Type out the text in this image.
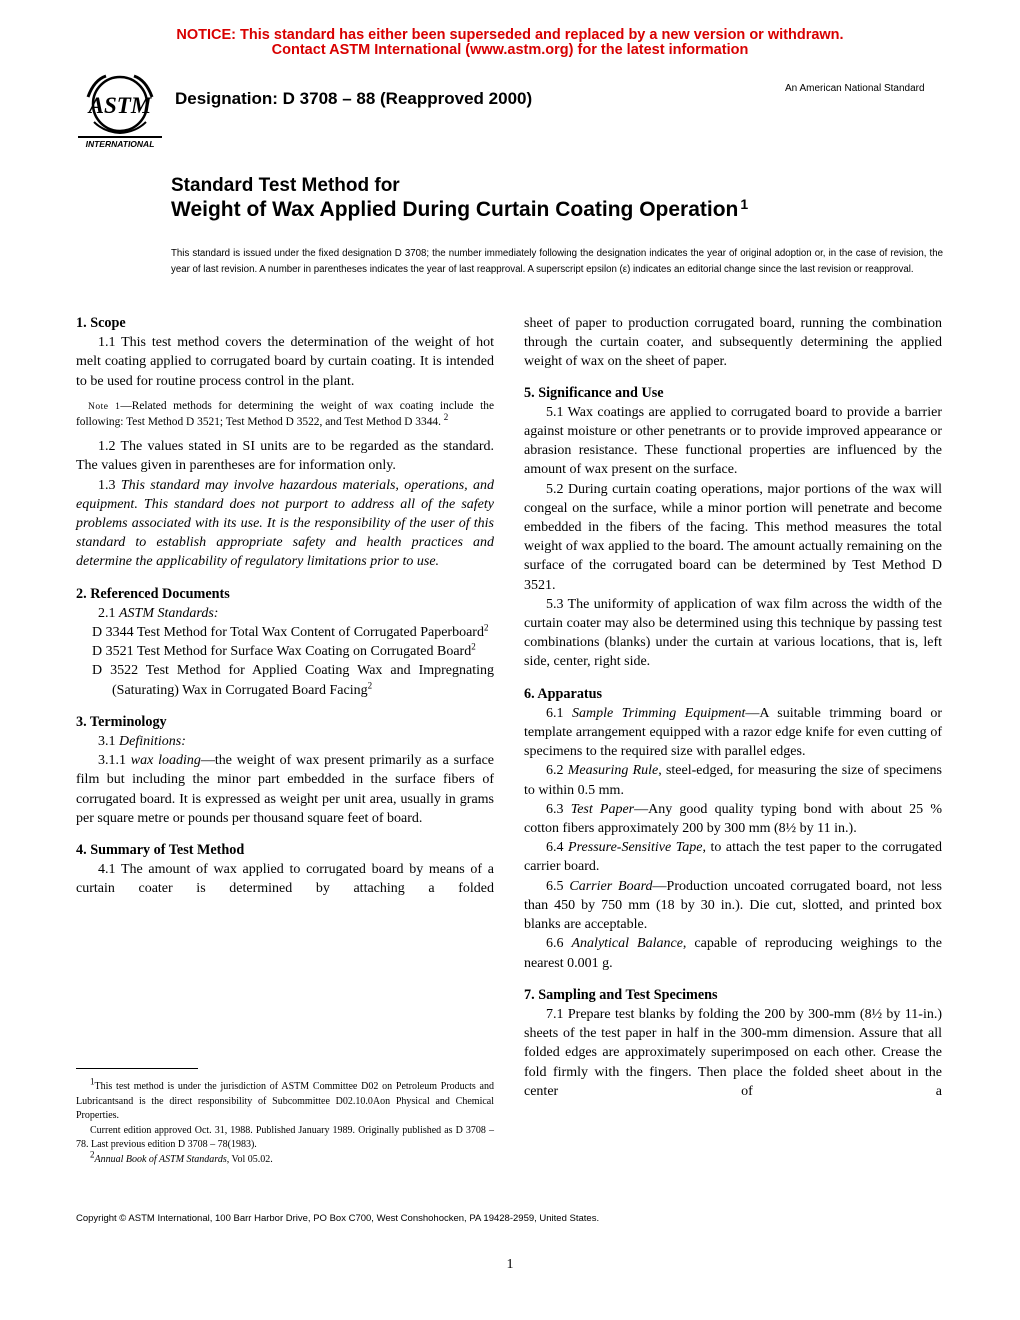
NOTICE: This standard has either been superseded and replaced by a new version or withdrawn.
Contact ASTM International (www.astm.org) for the latest information
ASTM
INTERNATIONAL
Designation: D 3708 – 88 (Reapproved 2000)
An American National Standard
Standard Test Method for
Weight of Wax Applied During Curtain Coating Operation $^1$
This standard is issued under the fixed designation D 3708; the number immediately following the designation indicates the year of original adoption or, in the case of revision, the year of last revision. A number in parentheses indicates the year of last reapproval. A superscript epsilon (ε) indicates an editorial change since the last revision or reapproval.
1. Scope

1.1 This test method covers the determination of the weight of hot melt coating applied to corrugated board by curtain coating. It is intended to be used for routine process control in the plant.

Note 1—Related methods for determining the weight of wax coating include the following: Test Method D 3521; Test Method D 3522, and Test Method D 3344. $^2$

1.2 The values stated in SI units are to be regarded as the standard. The values given in parentheses are for information only.

1.3 This standard may involve hazardous materials, operations, and equipment. This standard does not purport to address all of the safety problems associated with its use. It is the responsibility of the user of this standard to establish appropriate safety and health practices and determine the applicability of regulatory limitations prior to use.

2. Referenced Documents

2.1 ASTM Standards:

D 3344 Test Method for Total Wax Content of Corrugated Paperboard$^2$

D 3521 Test Method for Surface Wax Coating on Corrugated Board$^2$

D 3522 Test Method for Applied Coating Wax and Impregnating (Saturating) Wax in Corrugated Board Facing$^2$

3. Terminology

3.1 Definitions:

3.1.1 wax loading—the weight of wax present primarily as a surface film but including the minor part embedded in the surface fibers of corrugated board. It is expressed as weight per unit area, usually in grams per square metre or pounds per thousand square feet of board.

4. Summary of Test Method

4.1 The amount of wax applied to corrugated board by means of a curtain coater is determined by attaching a folded

sheet of paper to production corrugated board, running the combination through the curtain coater, and subsequently determining the applied weight of wax on the sheet of paper.

5. Significance and Use

5.1 Wax coatings are applied to corrugated board to provide a barrier against moisture or other penetrants or to provide improved appearance or abrasion resistance. These functional properties are influenced by the amount of wax present on the surface.

5.2 During curtain coating operations, major portions of the wax will congeal on the surface, while a minor portion will penetrate and become embedded in the fibers of the facing. This method measures the total weight of wax applied to the board. The amount actually remaining on the surface of the corrugated board can be determined by Test Method D 3521.

5.3 The uniformity of application of wax film across the width of the curtain coater may also be determined using this technique by passing test combinations (blanks) under the curtain at various locations, that is, left side, center, right side.

6. Apparatus

6.1 Sample Trimming Equipment—A suitable trimming board or template arrangement equipped with a razor edge knife for even cutting of specimens to the required size with parallel edges.

6.2 Measuring Rule, steel-edged, for measuring the size of specimens to within 0.5 mm.

6.3 Test Paper—Any good quality typing bond with about 25 % cotton fibers approximately 200 by 300 mm (8½ by 11 in.).

6.4 Pressure-Sensitive Tape, to attach the test paper to the corrugated carrier board.

6.5 Carrier Board—Production uncoated corrugated board, not less than 450 by 750 mm (18 by 30 in.). Die cut, slotted, and printed box blanks are acceptable.

6.6 Analytical Balance, capable of reproducing weighings to the nearest 0.001 g.

7. Sampling and Test Specimens

7.1 Prepare test blanks by folding the 200 by 300-mm (8½ by 11-in.) sheets of the test paper in half in the 300-mm dimension. Assure that all folded edges are approximately superimposed on each other. Crease the fold firmly with the fingers. Then place the folded sheet about in the center of a

$^1$This test method is under the jurisdiction of ASTM Committee D02 on Petroleum Products and Lubricantsand is the direct responsibility of Subcommittee D02.10.0Aon Physical and Chemical Properties.

Current edition approved Oct. 31, 1988. Published January 1989. Originally published as D 3708 – 78. Last previous edition D 3708 – 78(1983).

$^2$Annual Book of ASTM Standards, Vol 05.02.

Copyright © ASTM International, 100 Barr Harbor Drive, PO Box C700, West Conshohocken, PA 19428-2959, United States.
1
